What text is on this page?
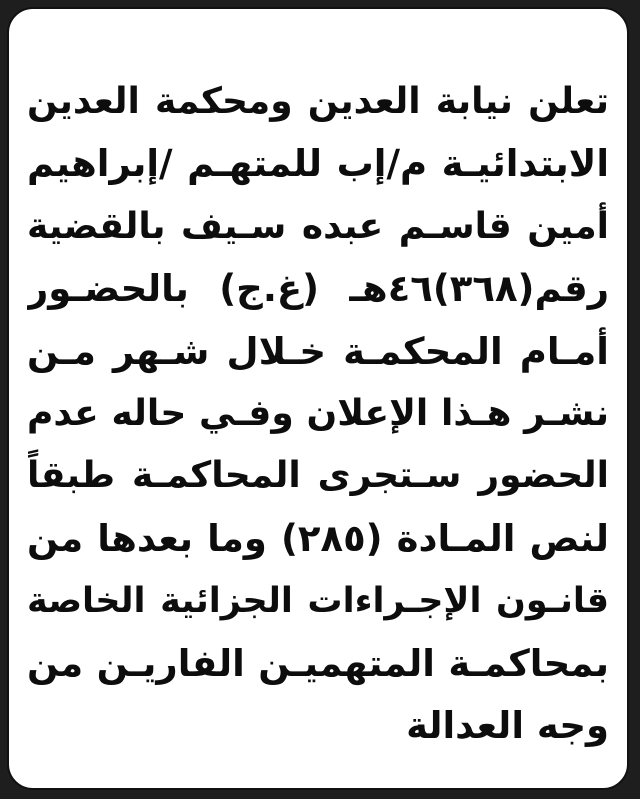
تعلن نيابة العدين ومحكمة العدين
الابتدائيـة م/إب للمتهـم /إبراهيم
أمين قاسـم عبده سـيف بالقضية
رقم(٣٦٨)٤٦هـ (غ.ج) بالحضـور
أمـام المحكمـة خـلال شـهر مـن
نشـر هـذا الإعلان وفـي حاله عدم
الحضور سـتجرى المحاكمـة طبقاً
لنص المـادة (٢٨٥) وما بعدها من
قانـون الإجـراءات الجزائية الخاصة
بمحاكمـة المتهميـن الفاريـن من
وجه العدالة
